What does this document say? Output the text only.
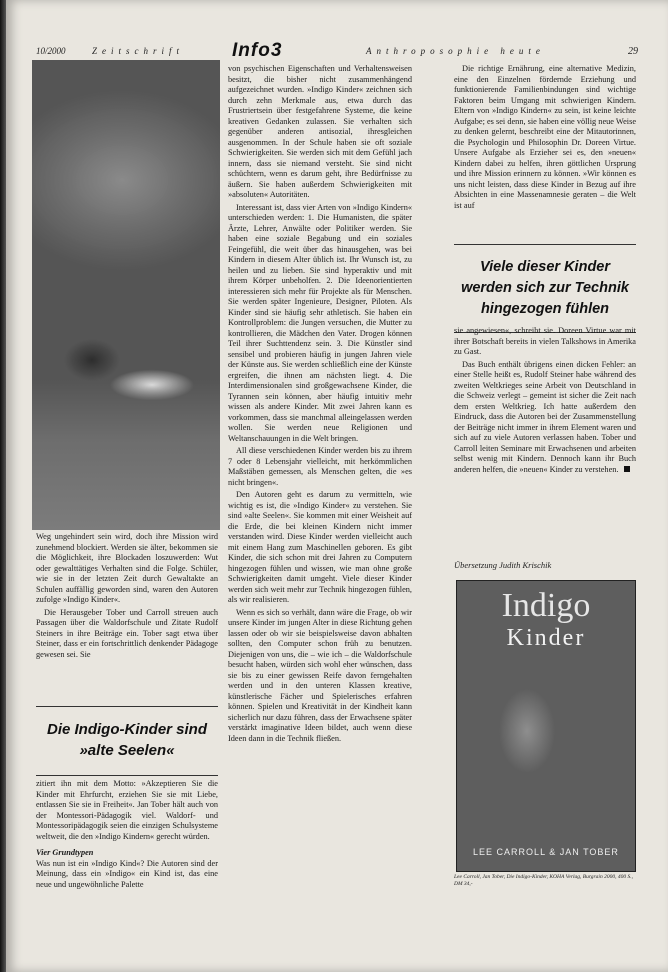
10/2000	Zeitschrift	Info3	Anthroposophie heute	29

Weg ungehindert sein wird, doch ihre Mission wird zunehmend blockiert. Werden sie älter, bekommen sie die Möglichkeit, ihre Blockaden loszuwerden: Wut oder gewalttätiges Verhalten sind die Folge. Schüler, wie sie in der letzten Zeit durch Gewaltakte an Schulen auffällig geworden sind, waren den Autoren zufolge »Indigo Kinder«.

Die Herausgeber Tober und Carroll streuen auch Passagen über die Waldorfschule und Zitate Rudolf Steiners in ihre Beiträge ein. Tober sagt etwa über Steiner, dass er ein fortschrittlich denkender Pädagoge gewesen sei. Sie

Die Indigo-Kinder sind »alte Seelen«

zitiert ihn mit dem Motto: »Akzeptieren Sie die Kinder mit Ehrfurcht, erziehen Sie sie mit Liebe, entlassen Sie sie in Freiheit«. Jan Tober hält auch von der Montessori-Pädagogik viel. Waldorf- und Montessoripädagogik seien die einzigen Schulsysteme weltweit, die den »Indigo Kindern« gerecht würden.

Vier Grundtypen

Was nun ist ein »Indigo Kind«? Die Autoren sind der Meinung, dass ein »Indigo« ein Kind ist, das eine neue und ungewöhnliche Palette

von psychischen Eigenschaften und Verhaltensweisen besitzt, die bisher nicht zusammenhängend aufgezeichnet wurden. »Indigo Kinder« zeichnen sich durch zehn Merkmale aus, etwa durch das Frustriertsein über festgefahrene Systeme, die keine kreativen Gedanken zulassen. Sie verhalten sich gegenüber anderen antisozial, ihresgleichen ausgenommen. In der Schule haben sie oft soziale Schwierigkeiten. Sie werden sich mit dem Gefühl jach innern, dass sie niemand versteht. Sie sind nicht schüchtern, wenn es darum geht, ihre Bedürfnisse zu äußern. Sie haben außerdem Schwierigkeiten mit »absoluten« Autoritäten.

Interessant ist, dass vier Arten von »Indigo Kindern« unterschieden werden: 1. Die Humanisten, die später Ärzte, Lehrer, Anwälte oder Politiker werden. Sie haben eine soziale Begabung und ein soziales Feingefühl, die weit über das hinausgehen, was bei Kindern in diesem Alter üblich ist. Ihr Wunsch ist, zu heilen und zu lieben. Sie sind hyperaktiv und mit ihrem Körper unbeholfen. 2. Die Ideenorientierten interessieren sich mehr für Projekte als für Menschen. Sie werden später Ingenieure, Designer, Piloten. Als Kinder sind sie häufig sehr athletisch. Sie haben ein Kontrollproblem: die Jungen versuchen, die Mutter zu kontrollieren, die Mädchen den Vater. Drogen können Teil ihrer Suchttendenz sein. 3. Die Künstler sind sensibel und probieren häufig in jungen Jahren viele der Künste aus. Sie werden schließlich eine der Künste ergreifen, die ihnen am nächsten liegt. 4. Die Interdimensionalen sind großgewachsene Kinder, die Tyrannen sein können, aber häufig intuitiv mehr wissen als andere Kinder. Mit zwei Jahren kann es vorkommen, dass sie manchmal alleingelassen werden wollen. Sie werden neue Religionen und Weltanschauungen in die Welt bringen.

All diese verschiedenen Kinder werden bis zu ihrem 7 oder 8 Lebensjahr vielleicht, mit herkömmlichen Maßstäben gemessen, als Menschen gelten, die »es nicht bringen«.

Den Autoren geht es darum zu vermitteln, wie wichtig es ist, die »Indigo Kinder« zu verstehen. Sie sind »alte Seelen«. Sie kommen mit einer Weisheit auf die Erde, die bei kleinen Kindern nicht immer verstanden wird. Diese Kinder werden vielleicht auch mit einem Hang zum Maschinellen geboren. Es gibt Kinder, die sich schon mit drei Jahren zu Computern hingezogen fühlen und wissen, wie man ohne große Schwierigkeiten damit umgeht. Viele dieser Kinder werden sich weit mehr zur Technik hingezogen fühlen, als wir realisieren.

Wenn es sich so verhält, dann wäre die Frage, ob wir unsere Kinder im jungen Alter in diese Richtung gehen lassen oder ob wir sie beispielsweise davon abhalten sollten, den Computer schon früh zu benutzen. Diejenigen von uns, die – wie ich – die Waldorfschule besucht haben, würden sich wohl eher wünschen, dass sie bis zu einer gewissen Reife davon ferngehalten werden und in den unteren Klassen kreative, künstlerische Fächer und Spielerisches erfahren können. Spielen und Kreativität in der Kindheit kann sicherlich nur dazu führen, dass der Erwachsene später verstärkt imaginative Ideen bildet, auch wenn diese Ideen dann in die Technik fließen.

Die richtige Ernährung, eine alternative Medizin, eine den Einzelnen fördernde Erziehung und funktionierende Familienbindungen sind wichtige Faktoren beim Umgang mit schwierigen Kindern. Eltern von »Indigo Kindern« zu sein, ist keine leichte Aufgabe; es sei denn, sie haben eine völlig neue Weise zu denken gelernt, beschreibt eine der Mitautorinnen, die Psychologin und Philosophin Dr. Doreen Virtue. Unsere Aufgabe als Erzieher sei es, den »neuen« Kindern dabei zu helfen, ihren göttlichen Ursprung und ihre Mission erinnern zu können. »Wir können es uns nicht leisten, dass diese Kinder in Bezug auf ihre Absichten in eine Massenamnesie geraten – die Welt ist auf

Viele dieser Kinder werden sich zur Technik hingezogen fühlen

sie angewiesen«, schreibt sie. Doreen Virtue war mit ihrer Botschaft bereits in vielen Talkshows in Amerika zu Gast.

Das Buch enthält übrigens einen dicken Fehler: an einer Stelle heißt es, Rudolf Steiner habe während des zweiten Weltkrieges seine Arbeit von Deutschland in die Schweiz verlegt – gemeint ist sicher die Zeit nach dem ersten Weltkrieg. Ich hatte außerdem den Eindruck, dass die Autoren bei der Zusammenstellung der Beiträge nicht immer in ihrem Element waren und sich auf zu viele Autoren verlassen haben. Tober und Carroll leiten Seminare mit Erwachsenen und arbeiten selbst wenig mit Kindern. Dennoch kann ihr Buch anderen helfen, die »neuen« Kinder zu verstehen.

Übersetzung Judith Krischik
Indigo
Kinder
LEE CARROLL & JAN TOBER
Lee Carroll, Jan Tober, Die Indigo-Kinder, KOHA Verlag, Burgrain 2000, 400 S., DM 34,-
